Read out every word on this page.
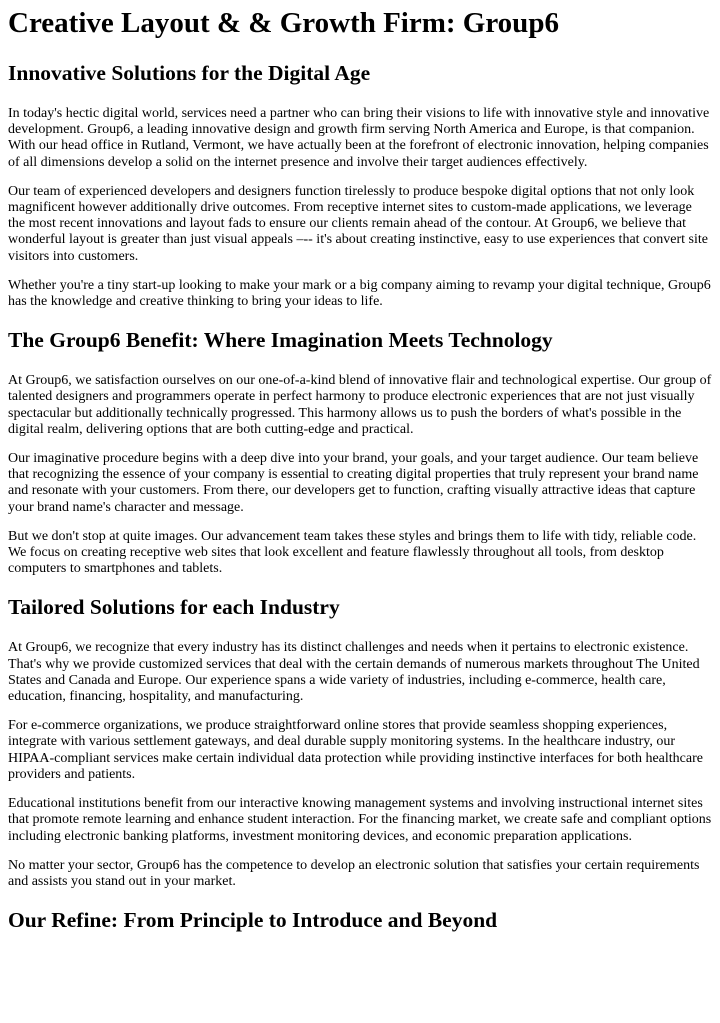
Creative Layout & & Growth Firm: Group6
Innovative Solutions for the Digital Age

In today's hectic digital world, services need a partner who can bring their visions to life with innovative style and innovative development. Group6, a leading innovative design and growth firm serving North America and Europe, is that companion. With our head office in Rutland, Vermont, we have actually been at the forefront of electronic innovation, helping companies of all dimensions develop a solid on the internet presence and involve their target audiences effectively.

Our team of experienced developers and designers function tirelessly to produce bespoke digital options that not only look magnificent however additionally drive outcomes. From receptive internet sites to custom-made applications, we leverage the most recent innovations and layout fads to ensure our clients remain ahead of the contour. At Group6, we believe that wonderful layout is greater than just visual appeals –-- it's about creating instinctive, easy to use experiences that convert site visitors into customers.

Whether you're a tiny start-up looking to make your mark or a big company aiming to revamp your digital technique, Group6 has the knowledge and creative thinking to bring your ideas to life.

The Group6 Benefit: Where Imagination Meets Technology

At Group6, we satisfaction ourselves on our one-of-a-kind blend of innovative flair and technological expertise. Our group of talented designers and programmers operate in perfect harmony to produce electronic experiences that are not just visually spectacular but additionally technically progressed. This harmony allows us to push the borders of what's possible in the digital realm, delivering options that are both cutting-edge and practical.

Our imaginative procedure begins with a deep dive into your brand, your goals, and your target audience. Our team believe that recognizing the essence of your company is essential to creating digital properties that truly represent your brand name and resonate with your customers. From there, our developers get to function, crafting visually attractive ideas that capture your brand name's character and message.

But we don't stop at quite images. Our advancement team takes these styles and brings them to life with tidy, reliable code. We focus on creating receptive web sites that look excellent and feature flawlessly throughout all tools, from desktop computers to smartphones and tablets.

Tailored Solutions for each Industry

At Group6, we recognize that every industry has its distinct challenges and needs when it pertains to electronic existence. That's why we provide customized services that deal with the certain demands of numerous markets throughout The United States and Canada and Europe. Our experience spans a wide variety of industries, including e-commerce, health care, education, financing, hospitality, and manufacturing.

For e-commerce organizations, we produce straightforward online stores that provide seamless shopping experiences, integrate with various settlement gateways, and deal durable supply monitoring systems. In the healthcare industry, our HIPAA-compliant services make certain individual data protection while providing instinctive interfaces for both healthcare providers and patients.

Educational institutions benefit from our interactive knowing management systems and involving instructional internet sites that promote remote learning and enhance student interaction. For the financing market, we create safe and compliant options including electronic banking platforms, investment monitoring devices, and economic preparation applications.

No matter your sector, Group6 has the competence to develop an electronic solution that satisfies your certain requirements and assists you stand out in your market.

Our Refine: From Principle to Introduce and Beyond
